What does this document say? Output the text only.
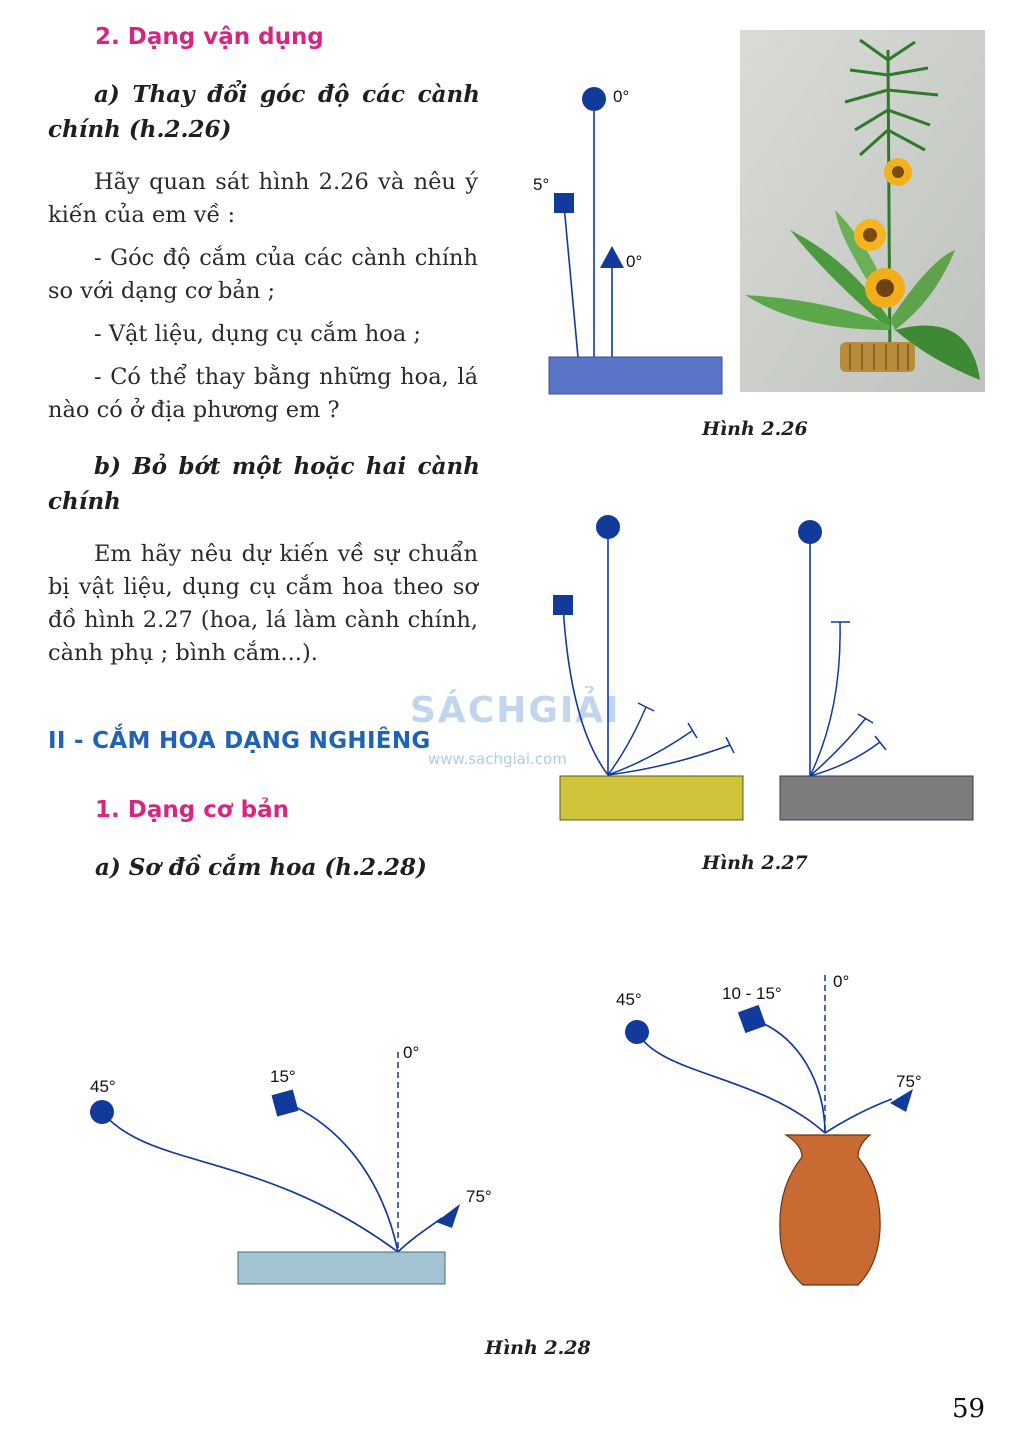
2. Dạng vận dụng
a) Thay đổi góc độ các cành chính (h.2.26)

Hãy quan sát hình 2.26 và nêu ý kiến của em về :

- Góc độ cắm của các cành chính so với dạng cơ bản ;

- Vật liệu, dụng cụ cắm hoa ;

- Có thể thay bằng những hoa, lá nào có ở địa phương em ?

b) Bỏ bớt một hoặc hai cành chính

Em hãy nêu dự kiến về sự chuẩn bị vật liệu, dụng cụ cắm hoa theo sơ đồ hình 2.27 (hoa, lá làm cành chính, cành phụ ; bình cắm...).

II - CẮM HOA DẠNG NGHIÊNG
1. Dạng cơ bản
a) Sơ đồ cắm hoa (h.2.28)
SÁCHGIẢI
www.sachgiai.com
0°
5°
0°
Hình 2.26
Hình 2.27
45°
15°
0°
75°
45°	10 - 15°
0°
75°
Hình 2.28
59
